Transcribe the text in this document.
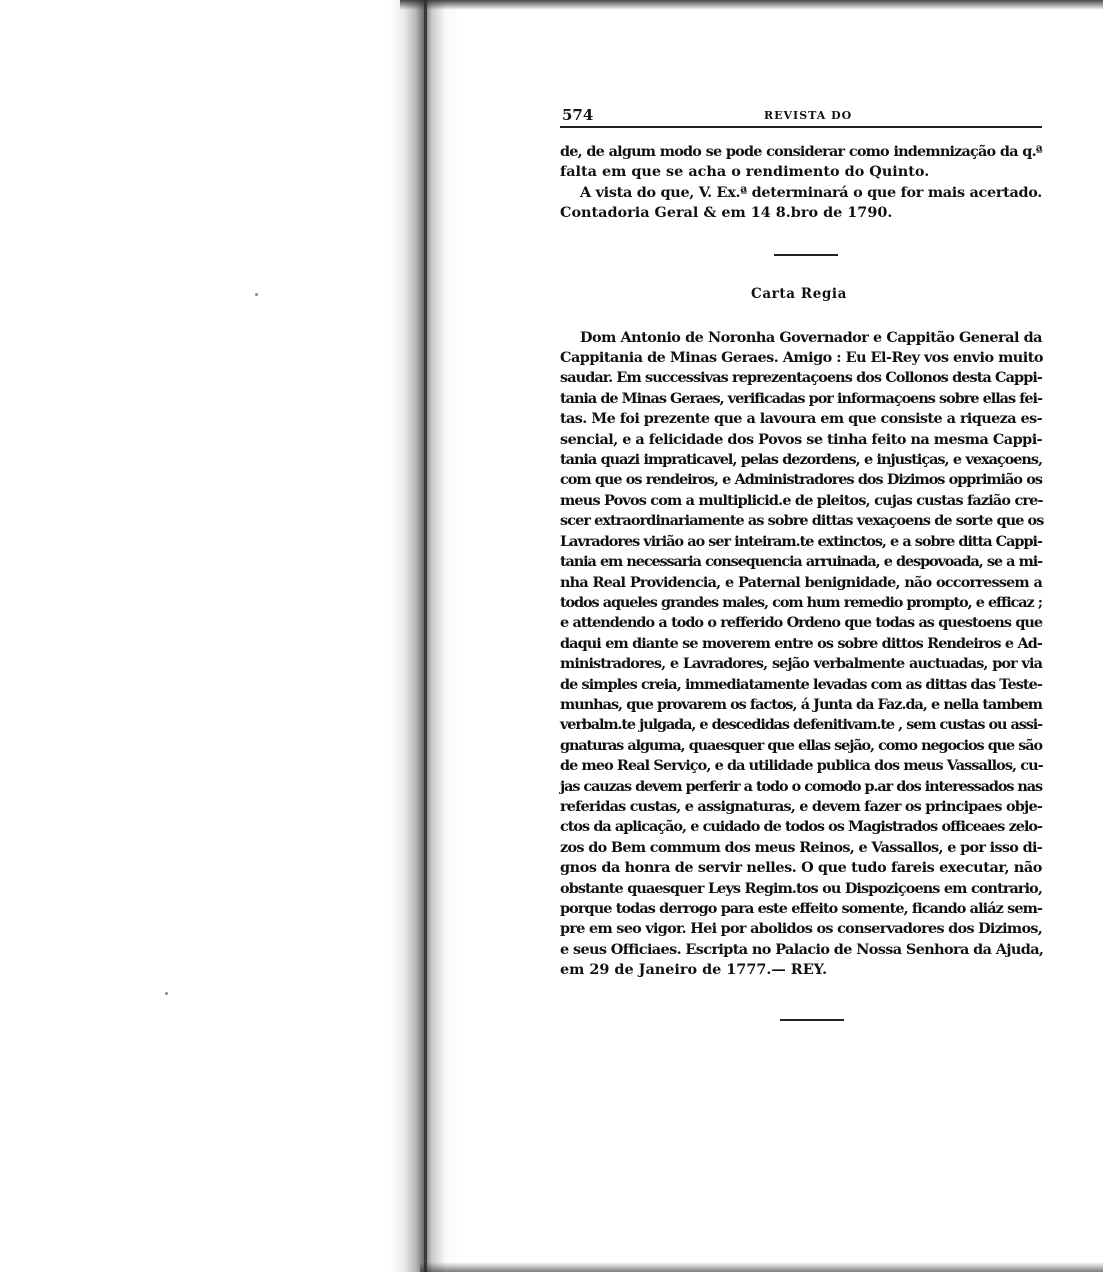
574	REVISTA DO

de, de algum modo se pode considerar como indemnização da q.ª
falta em que se acha o rendimento do Quinto.

A vista do que, V. Ex.ª determinará o que for mais acertado.
Contadoria Geral & em 14 8.bro de 1790.

Carta Regia

Dom Antonio de Noronha Governador e Cappitão General da
Cappitania de Minas Geraes. Amigo : Eu El-Rey vos envio muito
saudar. Em successivas reprezentaçoens dos Collonos desta Cappi-
tania de Minas Geraes, verificadas por informaçoens sobre ellas fei-
tas. Me foi prezente que a lavoura em que consiste a riqueza es-
sencial, e a felicidade dos Povos se tinha feito na mesma Cappi-
tania quazi impraticavel, pelas dezordens, e injustiças, e vexaçoens,
com que os rendeiros, e Administradores dos Dizimos opprimião os
meus Povos com a multiplicid.e de pleitos, cujas custas fazião cre-
scer extraordinariamente as sobre dittas vexaçoens de sorte que os
Lavradores virião ao ser inteiram.te extinctos, e a sobre ditta Cappi-
tania em necessaria consequencia arruinada, e despovoada, se a mi-
nha Real Providencia, e Paternal benignidade, não occorressem a
todos aqueles grandes males, com hum remedio prompto, e efficaz ;
e attendendo a todo o refferido Ordeno que todas as questoens que
daqui em diante se moverem entre os sobre dittos Rendeiros e Ad-
ministradores, e Lavradores, sejão verbalmente auctuadas, por via
de simples creia, immediatamente levadas com as dittas das Teste-
munhas, que provarem os factos, á Junta da Faz.da, e nella tambem
verbalm.te julgada, e descedidas defenitivam.te , sem custas ou assi-
gnaturas alguma, quaesquer que ellas sejão, como negocios que são
de meo Real Serviço, e da utilidade publica dos meus Vassallos, cu-
jas cauzas devem perferir a todo o comodo p.ar dos interessados nas
referidas custas, e assignaturas, e devem fazer os principaes obje-
ctos da aplicação, e cuidado de todos os Magistrados officeaes zelo-
zos do Bem commum dos meus Reinos, e Vassallos, e por isso di-
gnos da honra de servir nelles. O que tudo fareis executar, não
obstante quaesquer Leys Regim.tos ou Dispoziçoens em contrario,
porque todas derrogo para este effeito somente, ficando aliáz sem-
pre em seo vigor. Hei por abolidos os conservadores dos Dizimos,
e seus Officiaes. Escripta no Palacio de Nossa Senhora da Ajuda,
em 29 de Janeiro de 1777.— REY.
